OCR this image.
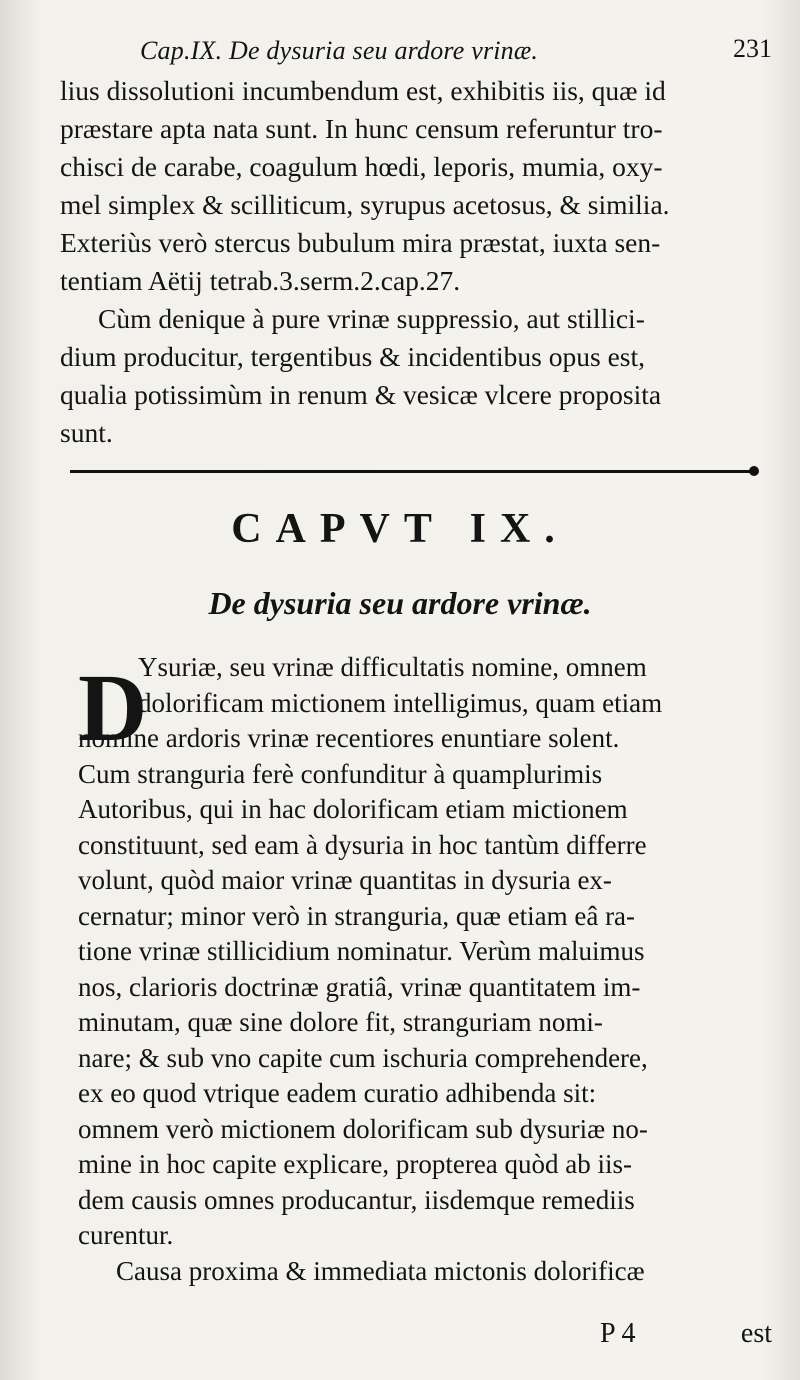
Cap.IX. De dysuria seu ardore vrinæ.	231
lius dissolutioni incumbendum est, exhibitis iis, quæ id
præstare apta nata sunt. In hunc censum referuntur tro-
chisci de carabe, coagulum hœdi, leporis, mumia, oxy-
mel simplex & scilliticum, syrupus acetosus, & similia.
Exteriùs verò stercus bubulum mira præstat, iuxta sen-
tentiam Aëtij tetrab.3.serm.2.cap.27.
Cùm denique à pure vrinæ suppressio, aut stillici-
dium producitur, tergentibus & incidentibus opus est,
qualia potissimùm in renum & vesicæ vlcere proposita
sunt.
CAPVT IX.
De dysuria seu ardore vrinæ.
D
Ysuriæ, seu vrinæ difficultatis nomine, omnem
dolorificam mictionem intelligimus, quam etiam
nomine ardoris vrinæ recentiores enuntiare solent.
Cum stranguria ferè confunditur à quamplurimis
Autoribus, qui in hac dolorificam etiam mictionem
constituunt, sed eam à dysuria in hoc tantùm differre
volunt, quòd maior vrinæ quantitas in dysuria ex-
cernatur; minor verò in stranguria, quæ etiam eâ ra-
tione vrinæ stillicidium nominatur. Verùm maluimus
nos, clarioris doctrinæ gratiâ, vrinæ quantitatem im-
minutam, quæ sine dolore fit, stranguriam nomi-
nare; & sub vno capite cum ischuria comprehendere,
ex eo quod vtrique eadem curatio adhibenda sit:
omnem verò mictionem dolorificam sub dysuriæ no-
mine in hoc capite explicare, propterea quòd ab iis-
dem causis omnes producantur, iisdemque remediis
curentur.
Causa proxima & immediata mictonis dolorificæ
P 4	est
